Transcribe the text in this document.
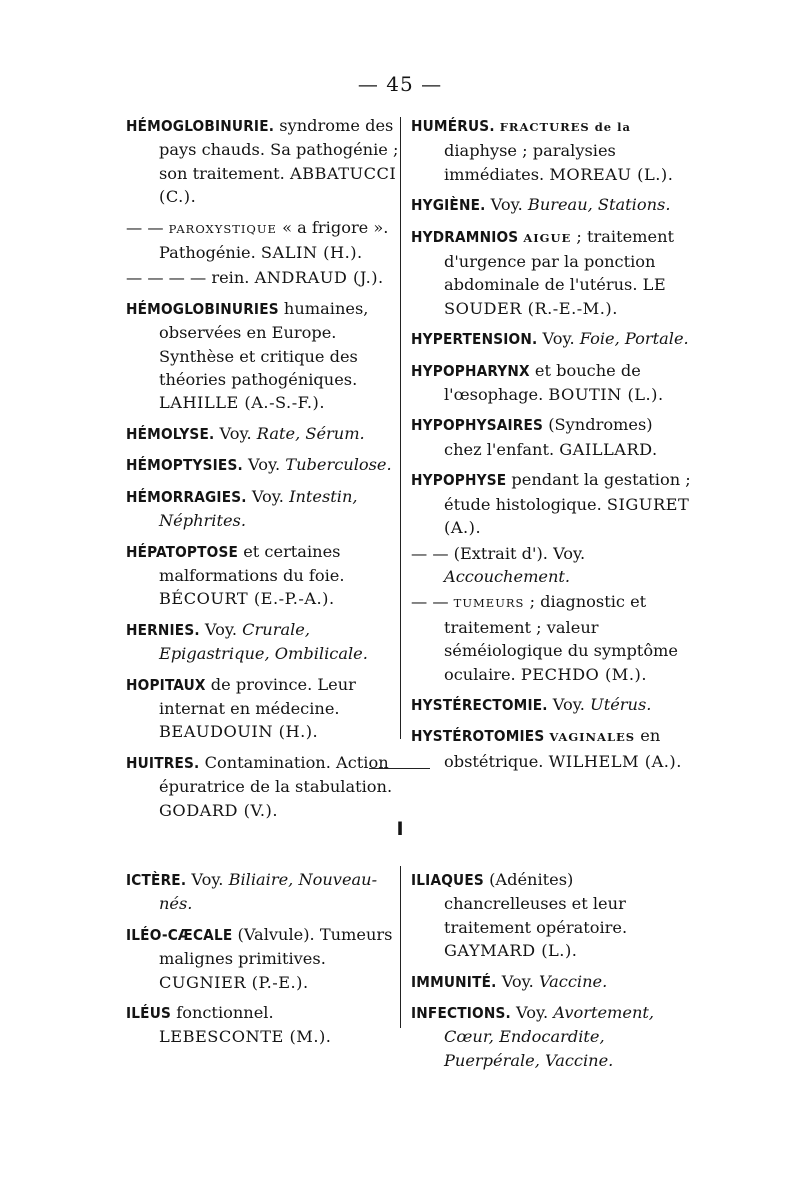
— 45 —

HÉMOGLOBINURIE. syndrome des pays chauds. Sa pathogénie ; son traitement. ABBATUCCI (C.).

— — PAROXYSTIQUE « a frigore ». Pathogénie. SALIN (H.).

— — — — rein. ANDRAUD (J.).

HÉMOGLOBINURIES humaines, observées en Europe. Synthèse et critique des théories pathogéniques. LAHILLE (A.-S.-F.).

HÉMOLYSE. Voy. Rate, Sérum.

HÉMOPTYSIES. Voy. Tuberculose.

HÉMORRAGIES. Voy. Intestin, Néphrites.

HÉPATOPTOSE et certaines malformations du foie. BÉCOURT (E.-P.-A.).

HERNIES. Voy. Crurale, Epigastrique, Ombilicale.

HOPITAUX de province. Leur internat en médecine. BEAUDOUIN (H.).

HUITRES. Contamination. Action épuratrice de la stabulation. GODARD (V.).

HUMÉRUS. FRACTURES de la diaphyse ; paralysies immédiates. MOREAU (L.).

HYGIÈNE. Voy. Bureau, Stations.

HYDRAMNIOS AIGUE ; traitement d'urgence par la ponction abdominale de l'utérus. LE SOUDER (R.-E.-M.).

HYPERTENSION. Voy. Foie, Portale.

HYPOPHARYNX et bouche de l'œsophage. BOUTIN (L.).

HYPOPHYSAIRES (Syndromes) chez l'enfant. GAILLARD.

HYPOPHYSE pendant la gestation ; étude histologique. SIGURET (A.).

— — (Extrait d'). Voy. Accouchement.

— — TUMEURS ; diagnostic et traitement ; valeur séméiologique du symptôme oculaire. PECHDO (M.).

HYSTÉRECTOMIE. Voy. Utérus.

HYSTÉROTOMIES VAGINALES en obstétrique. WILHELM (A.).

I

ICTÈRE. Voy. Biliaire, Nouveau-nés.

ILÉO-CÆCALE (Valvule). Tumeurs malignes primitives. CUGNIER (P.-E.).

ILÉUS fonctionnel. LEBESCONTE (M.).

ILIAQUES (Adénites) chancrelleuses et leur traitement opératoire. GAYMARD (L.).

IMMUNITÉ. Voy. Vaccine.

INFECTIONS. Voy. Avortement, Cœur, Endocardite, Puerpérale, Vaccine.
